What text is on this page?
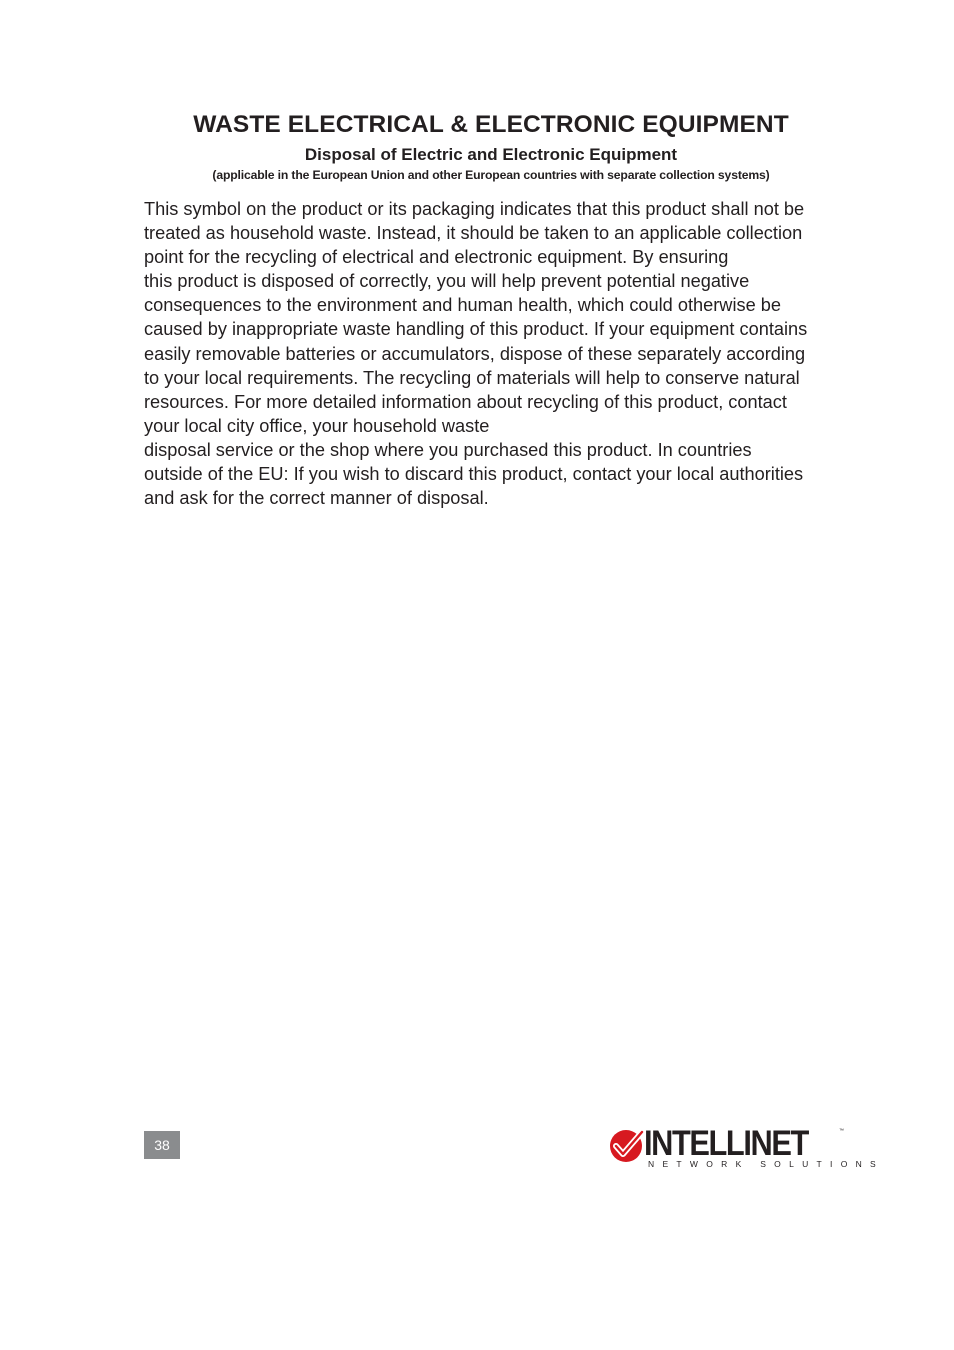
WASTE ELECTRICAL & ELECTRONIC EQUIPMENT
Disposal of Electric and Electronic Equipment

(applicable in the European Union and other European countries with separate collection systems)

This symbol on the product or its packaging indicates that this product shall not be
treated as household waste. Instead, it should be taken to an applicable collection
point for the recycling of electrical and electronic equipment. By ensuring
this product is disposed of correctly, you will help prevent potential negative
consequences to the environment and human health, which could otherwise be
caused by inappropriate waste handling of this product. If your equipment contains
easily removable batteries or accumulators, dispose of these separately according
to your local requirements. The recycling of materials will help to conserve natural
resources. For more detailed information about recycling of this product, contact
your local city office, your household waste
disposal service or the shop where you purchased this product. In countries
outside of the EU: If you wish to discard this product, contact your local authorities
and ask for the correct manner of disposal.

38	INTELLINET	™
NETWORK SOLUTIONS
